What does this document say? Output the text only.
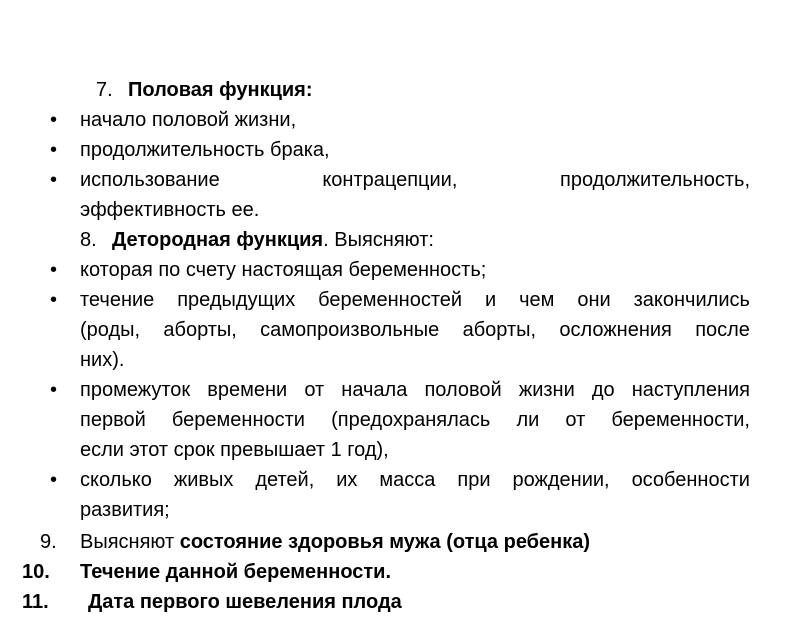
7. Половая функция:
• начало половой жизни,
• продолжительность брака,
• использование	контрацепции,	продолжительность,
эффективность ее.
8. Детородная функция. Выясняют:
• которая по счету настоящая беременность;
• течение предыдущих беременностей и чем они закончились
(роды, аборты, самопроизвольные аборты, осложнения после
них).
• промежуток времени от начала половой жизни до наступления
первой беременности (предохранялась ли от беременности,
если этот срок превышает 1 год),
• сколько живых детей, их масса при рождении, особенности
развития;
9. Выясняют состояние здоровья мужа (отца ребенка)
10. Течение данной беременности.
11. Дата первого шевеления плода
